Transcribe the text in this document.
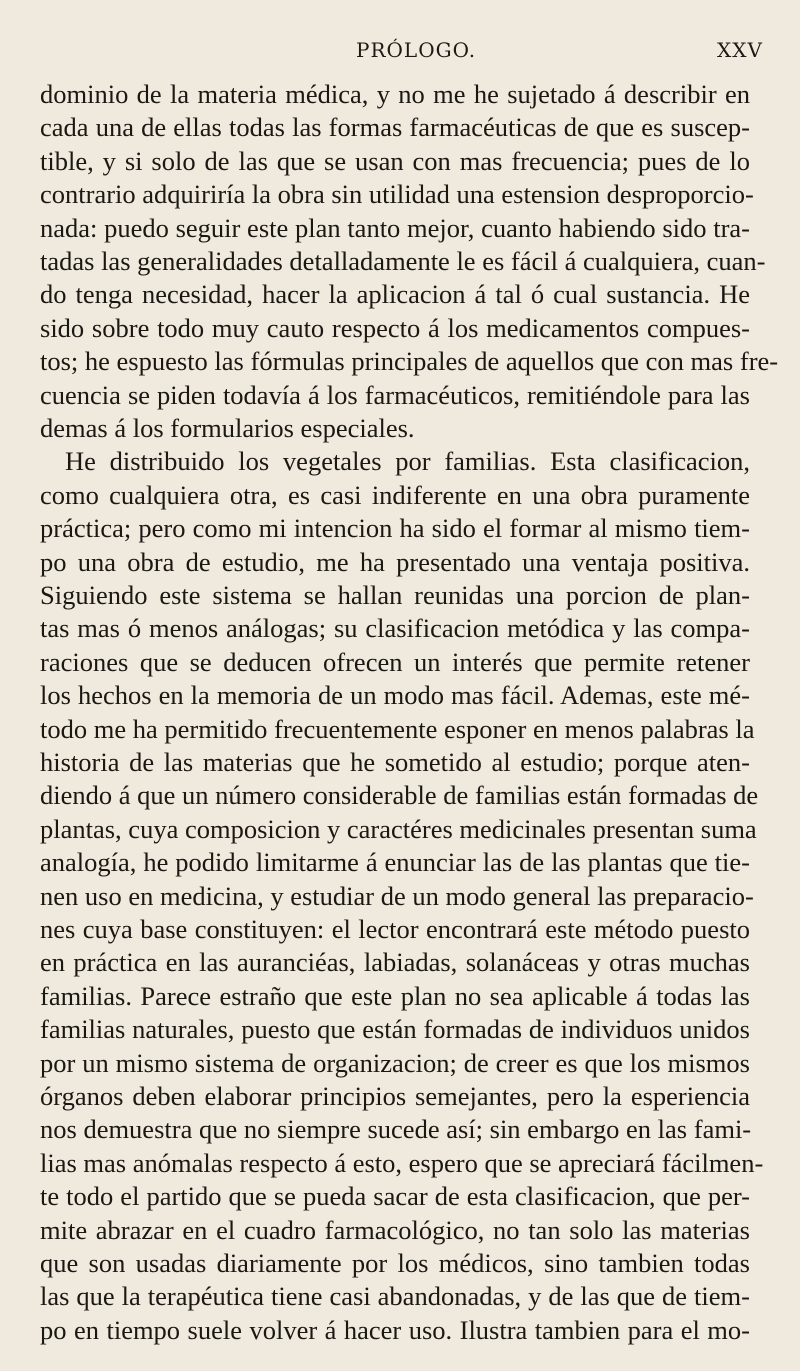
PRÓLOGO.	XXV
dominio de la materia médica, y no me he sujetado á describir en
cada una de ellas todas las formas farmacéuticas de que es suscep-
tible, y si solo de las que se usan con mas frecuencia; pues de lo
contrario adquiriría la obra sin utilidad una estension desproporcio-
nada: puedo seguir este plan tanto mejor, cuanto habiendo sido tra-
tadas las generalidades detalladamente le es fácil á cualquiera, cuan-
do tenga necesidad, hacer la aplicacion á tal ó cual sustancia. He
sido sobre todo muy cauto respecto á los medicamentos compues-
tos; he espuesto las fórmulas principales de aquellos que con mas fre-
cuencia se piden todavía á los farmacéuticos, remitiéndole para las
demas á los formularios especiales.
He distribuido los vegetales por familias. Esta clasificacion,
como cualquiera otra, es casi indiferente en una obra puramente
práctica; pero como mi intencion ha sido el formar al mismo tiem-
po una obra de estudio, me ha presentado una ventaja positiva.
Siguiendo este sistema se hallan reunidas una porcion de plan-
tas mas ó menos análogas; su clasificacion metódica y las compa-
raciones que se deducen ofrecen un interés que permite retener
los hechos en la memoria de un modo mas fácil. Ademas, este mé-
todo me ha permitido frecuentemente esponer en menos palabras la
historia de las materias que he sometido al estudio; porque aten-
diendo á que un número considerable de familias están formadas de
plantas, cuya composicion y caractéres medicinales presentan suma
analogía, he podido limitarme á enunciar las de las plantas que tie-
nen uso en medicina, y estudiar de un modo general las preparacio-
nes cuya base constituyen: el lector encontrará este método puesto
en práctica en las auranciéas, labiadas, solanáceas y otras muchas
familias. Parece estraño que este plan no sea aplicable á todas las
familias naturales, puesto que están formadas de individuos unidos
por un mismo sistema de organizacion; de creer es que los mismos
órganos deben elaborar principios semejantes, pero la esperiencia
nos demuestra que no siempre sucede así; sin embargo en las fami-
lias mas anómalas respecto á esto, espero que se apreciará fácilmen-
te todo el partido que se pueda sacar de esta clasificacion, que per-
mite abrazar en el cuadro farmacológico, no tan solo las materias
que son usadas diariamente por los médicos, sino tambien todas
las que la terapéutica tiene casi abandonadas, y de las que de tiem-
po en tiempo suele volver á hacer uso. Ilustra tambien para el mo-
